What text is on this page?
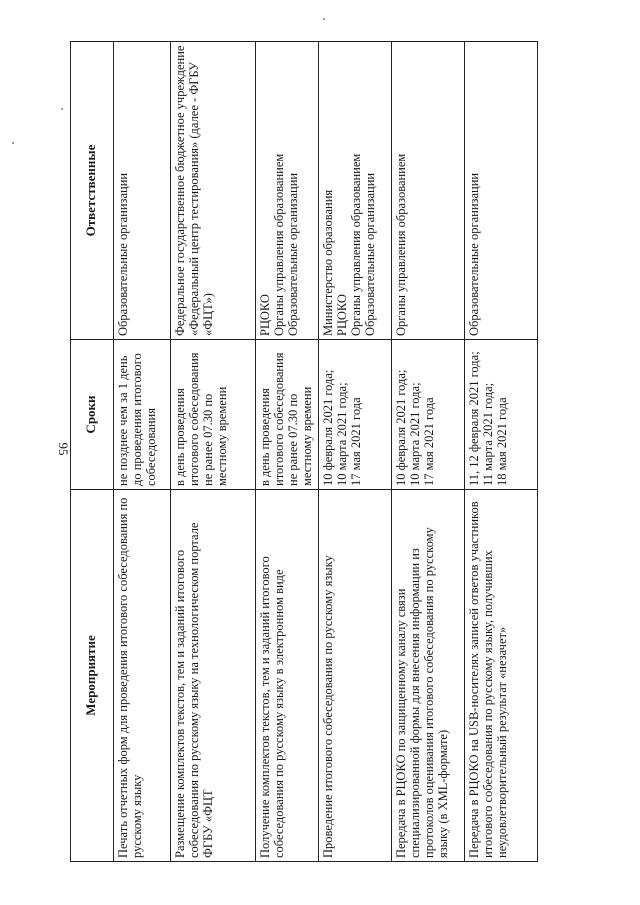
95
Мероприятие	Сроки	Ответственные

Печать отчетных форм для проведения итогового собеседования по русскому языку	не позднее чем за 1 день до проведения итогового собеседования	Образовательные организации

Размещение комплектов текстов, тем и заданий итогового собеседования по русскому языку на технологическом портале ФГБУ «ФЦТ	в день проведения итогового собеседования не ранее 07.30 по местному времени	Федеральное государственное бюджетное учреждение «Федеральный центр тестирования» (далее - ФГБУ «ФЦТ»)

Получение комплектов текстов, тем и заданий итогового собеседования по русскому языку в электронном виде	в день проведения итогового собеседования не ранее 07.30 по местному времени	РЦОКО
Органы управления образованием
Образовательные организации

Проведение итогового собеседования по русскому языку	10 февраля 2021 года;
10 марта 2021 года;
17 мая 2021 года	Министерство образования
РЦОКО
Органы управления образованием
Образовательные организации

Передача в РЦОКО по защищенному каналу связи специализированной формы для внесения информации из протоколов оценивания итогового собеседования по русскому языку (в XML-формате)	10 февраля 2021 года;
10 марта 2021 года;
17 мая 2021 года	Органы управления образованием

Передача в РЦОКО на USB-носителях записей ответов участников итогового собеседования по русскому языку, получивших неудовлетворительный результат «незачет»	11, 12 февраля 2021 года;
11 марта 2021 года;
18 мая 2021 года	Образовательные организации
